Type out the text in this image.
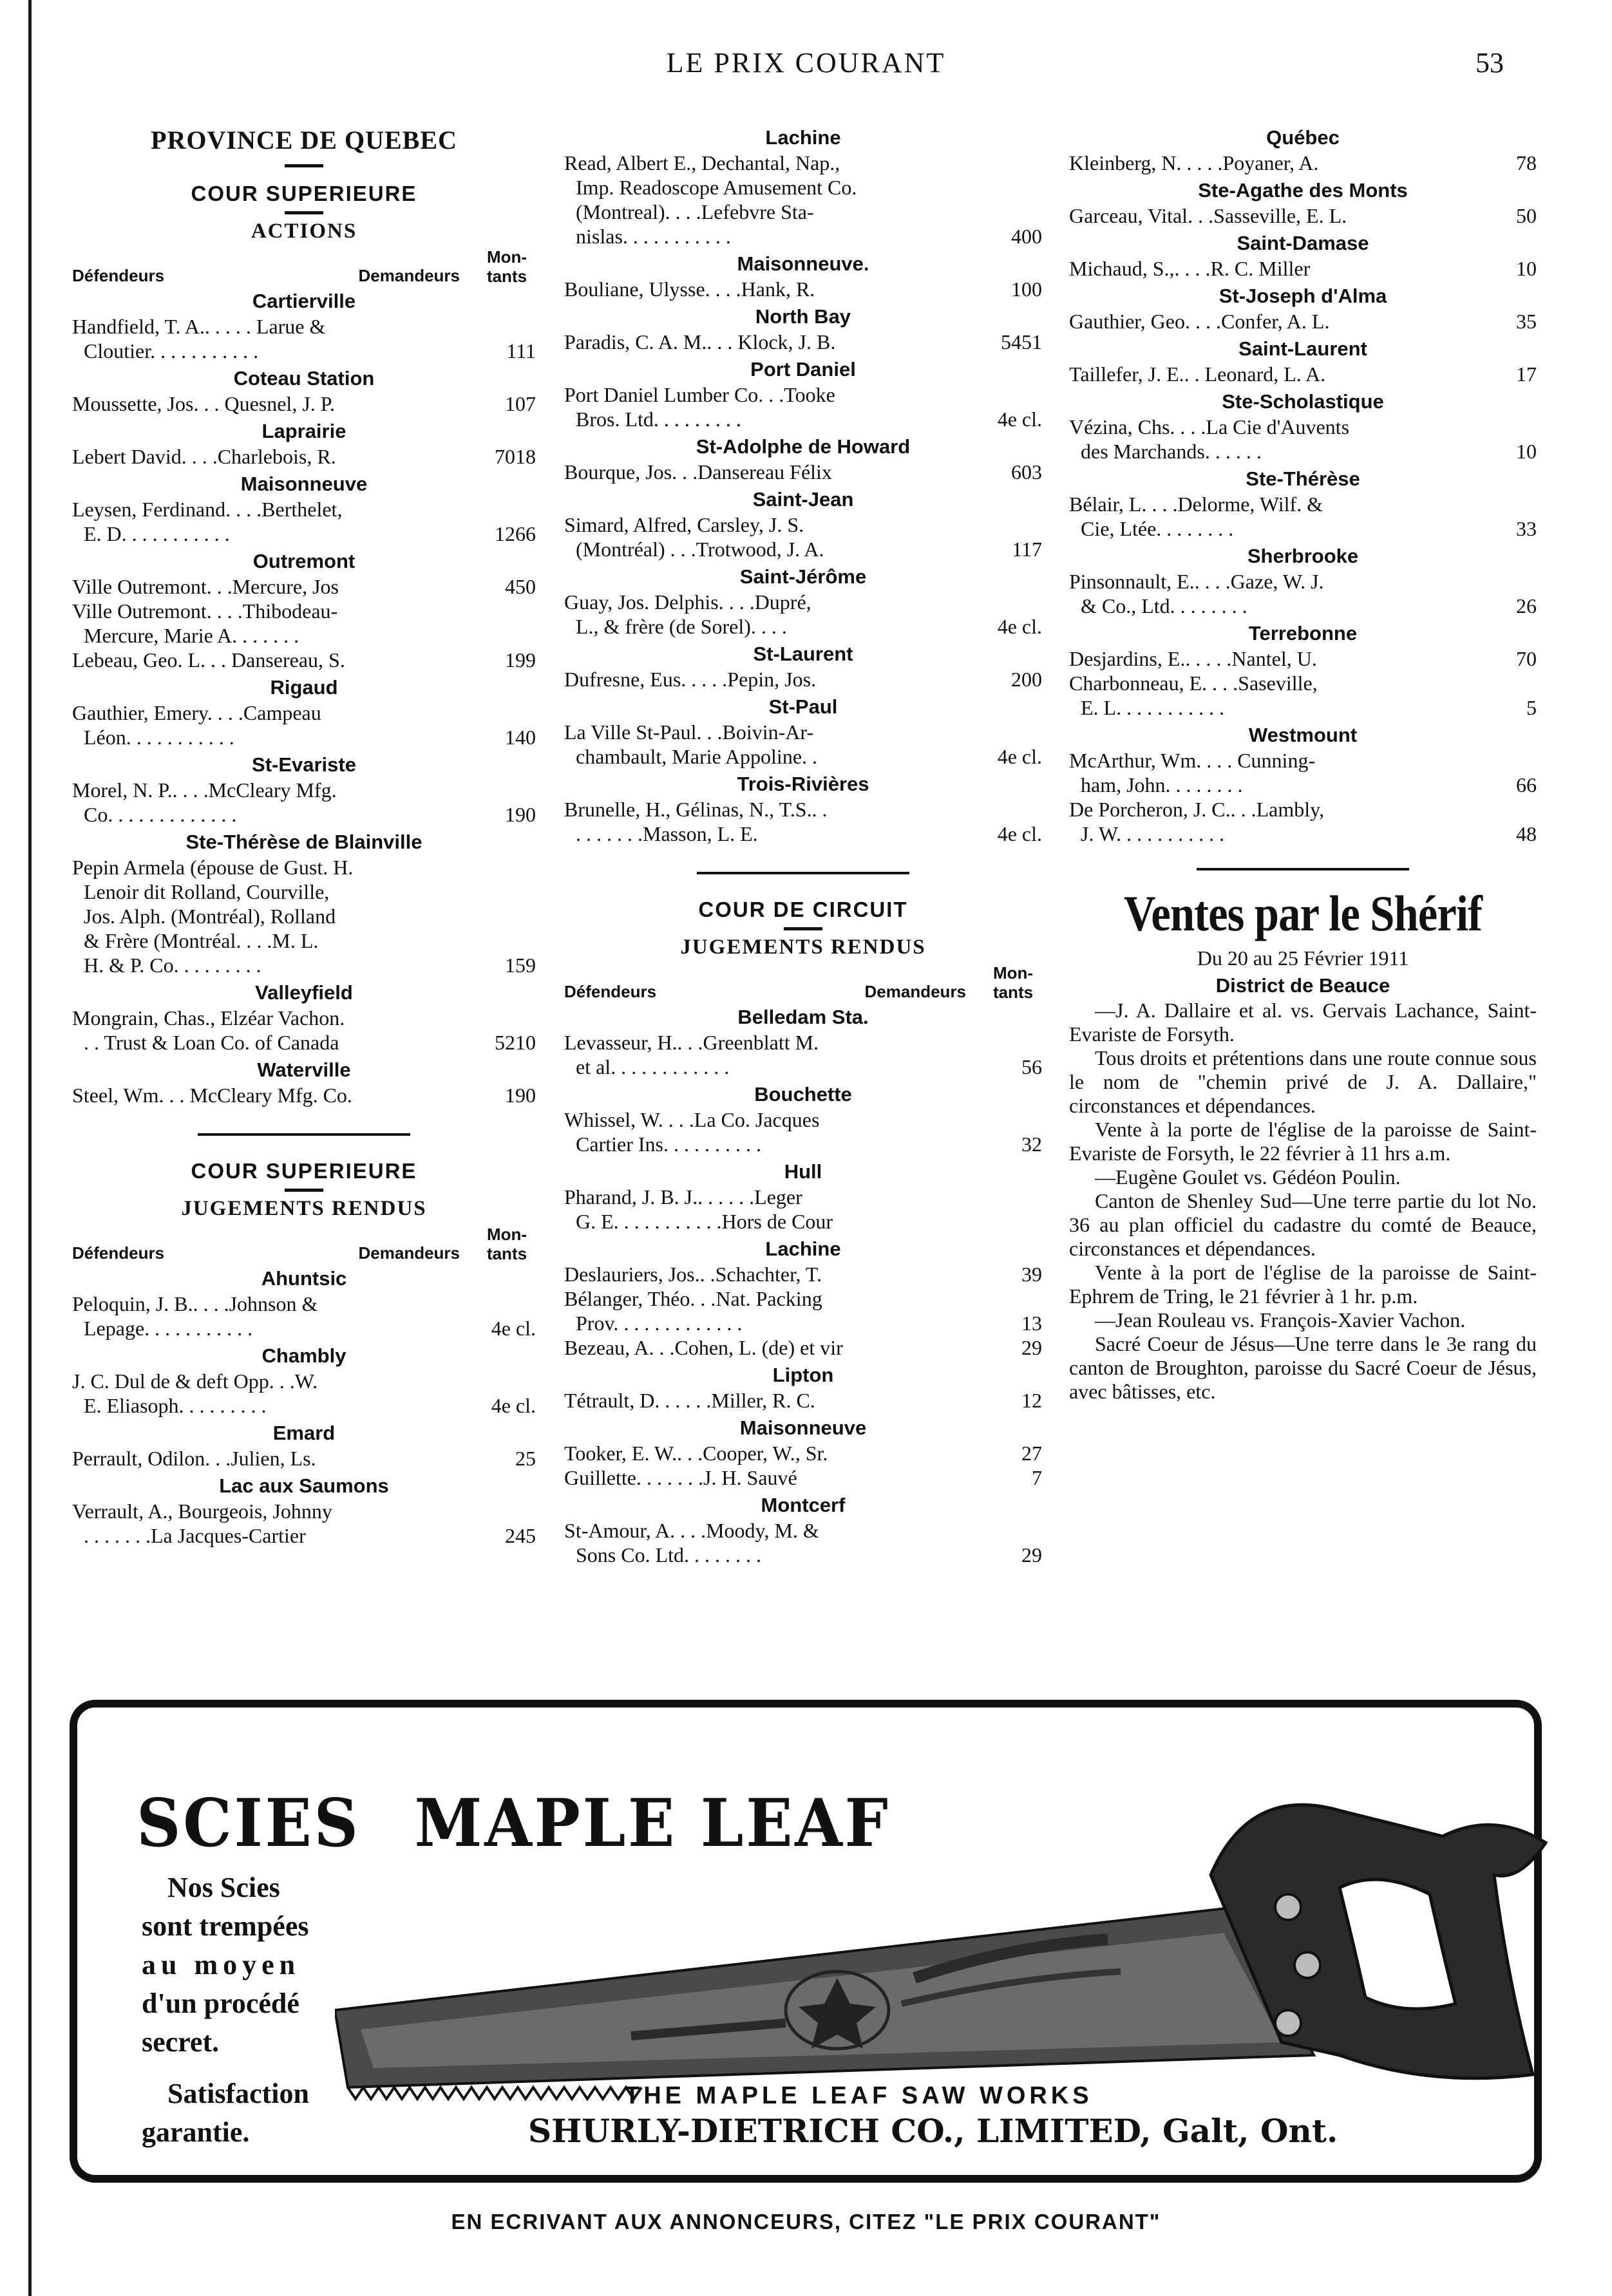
LE PRIX COURANT	53
PROVINCE DE QUEBEC
COUR SUPERIEURE
ACTIONS
Défendeurs	Demandeurs
Mon-
tants
Cartierville
Handfield, T. A.. . . . . Larue &
Cloutier. . . . . . . . . . .	111
Coteau Station
Moussette, Jos. . . Quesnel, J. P.	107
Laprairie
Lebert David. . . .Charlebois, R.	7018
Maisonneuve
Leysen, Ferdinand. . . .Berthelet,
E. D. . . . . . . . . . .	1266
Outremont
Ville Outremont. . .Mercure, Jos	450
Ville Outremont. . . .Thibodeau-
Mercure, Marie A. . . . . . .
Lebeau, Geo. L. . . Dansereau, S.	199
Rigaud
Gauthier, Emery. . . .Campeau
Léon. . . . . . . . . . .	140
St-Evariste
Morel, N. P.. . . .McCleary Mfg.
Co. . . . . . . . . . . . .	190
Ste-Thérèse de Blainville
Pepin Armela (épouse de Gust. H.
Lenoir dit Rolland, Courville,
Jos. Alph. (Montréal), Rolland
& Frère (Montréal. . . .M. L.
H. & P. Co. . . . . . . . .	159
Valleyfield
Mongrain, Chas., Elzéar Vachon.
. . Trust & Loan Co. of Canada	5210
Waterville
Steel, Wm. . . McCleary Mfg. Co.	190
COUR SUPERIEURE
JUGEMENTS RENDUS
Défendeurs	Demandeurs
Mon-
tants
Ahuntsic
Peloquin, J. B.. . . .Johnson &
Lepage. . . . . . . . . . .	4e cl.
Chambly
J. C. Dul de & deft Opp. . .W.
E. Eliasoph. . . . . . . . .	4e cl.
Emard
Perrault, Odilon. . .Julien, Ls.	25
Lac aux Saumons
Verrault, A., Bourgeois, Johnny
. . . . . . .La Jacques-Cartier	245
Lachine
Read, Albert E., Dechantal, Nap.,
Imp. Readoscope Amusement Co.
(Montreal). . . .Lefebvre Sta-
nislas. . . . . . . . . . .	400
Maisonneuve.
Bouliane, Ulysse. . . .Hank, R.	100
North Bay
Paradis, C. A. M.. . . Klock, J. B.	5451
Port Daniel
Port Daniel Lumber Co. . .Tooke
Bros. Ltd. . . . . . . . .	4e cl.
St-Adolphe de Howard
Bourque, Jos. . .Dansereau Félix	603
Saint-Jean
Simard, Alfred, Carsley, J. S.
(Montréal) . . .Trotwood, J. A.	117
Saint-Jérôme
Guay, Jos. Delphis. . . .Dupré,
L., & frère (de Sorel). . . .	4e cl.
St-Laurent
Dufresne, Eus. . . . .Pepin, Jos.	200
St-Paul
La Ville St-Paul. . .Boivin-Ar-
chambault, Marie Appoline. .	4e cl.
Trois-Rivières
Brunelle, H., Gélinas, N., T.S.. .
. . . . . . .Masson, L. E.	4e cl.
COUR DE CIRCUIT
JUGEMENTS RENDUS
Défendeurs	Demandeurs
Mon-
tants
Belledam Sta.
Levasseur, H.. . .Greenblatt M.
et al. . . . . . . . . . . .	56
Bouchette
Whissel, W. . . .La Co. Jacques
Cartier Ins. . . . . . . . . .	32
Hull
Pharand, J. B. J.. . . . . .Leger
G. E. . . . . . . . . . .Hors de Cour
Lachine
Deslauriers, Jos.. .Schachter, T.	39
Bélanger, Théo. . .Nat. Packing
Prov. . . . . . . . . . . . .	13
Bezeau, A. . .Cohen, L. (de) et vir	29
Lipton
Tétrault, D. . . . . .Miller, R. C.	12
Maisonneuve
Tooker, E. W.. . .Cooper, W., Sr.	27
Guillette. . . . . . .J. H. Sauvé	7
Montcerf
St-Amour, A. . . .Moody, M. &
Sons Co. Ltd. . . . . . . .	29
Québec
Kleinberg, N. . . . .Poyaner, A.	78
Ste-Agathe des Monts
Garceau, Vital. . .Sasseville, E. L.	50
Saint-Damase
Michaud, S.,. . . .R. C. Miller	10
St-Joseph d'Alma
Gauthier, Geo. . . .Confer, A. L.	35
Saint-Laurent
Taillefer, J. E.. . Leonard, L. A.	17
Ste-Scholastique
Vézina, Chs. . . .La Cie d'Auvents
des Marchands. . . . . .	10
Ste-Thérèse
Bélair, L. . . .Delorme, Wilf. &
Cie, Ltée. . . . . . . .	33
Sherbrooke
Pinsonnault, E.. . . .Gaze, W. J.
& Co., Ltd. . . . . . . .	26
Terrebonne
Desjardins, E.. . . . .Nantel, U.	70
Charbonneau, E. . . .Saseville,
E. L. . . . . . . . . . .	5
Westmount
McArthur, Wm. . . . Cunning-
ham, John. . . . . . . .	66
De Porcheron, J. C.. . .Lambly,
J. W. . . . . . . . . . .	48
Ventes par le Shérif
Du 20 au 25 Février 1911
District de Beauce

—J. A. Dallaire et al. vs. Gervais Lachance, Saint-Evariste de Forsyth.

Tous droits et prétentions dans une route connue sous le nom de "chemin privé de J. A. Dallaire," circonstances et dépendances.

Vente à la porte de l'église de la paroisse de Saint-Evariste de Forsyth, le 22 février à 11 hrs a.m.

—Eugène Goulet vs. Gédéon Poulin.

Canton de Shenley Sud—Une terre partie du lot No. 36 au plan officiel du cadastre du comté de Beauce, circonstances et dépendances.

Vente à la port de l'église de la paroisse de Saint-Ephrem de Tring, le 21 février à 1 hr. p.m.

—Jean Rouleau vs. François-Xavier Vachon.

Sacré Coeur de Jésus—Une terre dans le 3e rang du canton de Broughton, paroisse du Sacré Coeur de Jésus, avec bâtisses, etc.

SCIES MAPLE LEAF
Nos Scies
sont trempées
au moyen
d'un procédé
secret.
Satisfaction
garantie.
THE MAPLE LEAF SAW WORKS
SHURLY-DIETRICH CO., LIMITED, Galt, Ont.
EN ECRIVANT AUX ANNONCEURS, CITEZ "LE PRIX COURANT"
